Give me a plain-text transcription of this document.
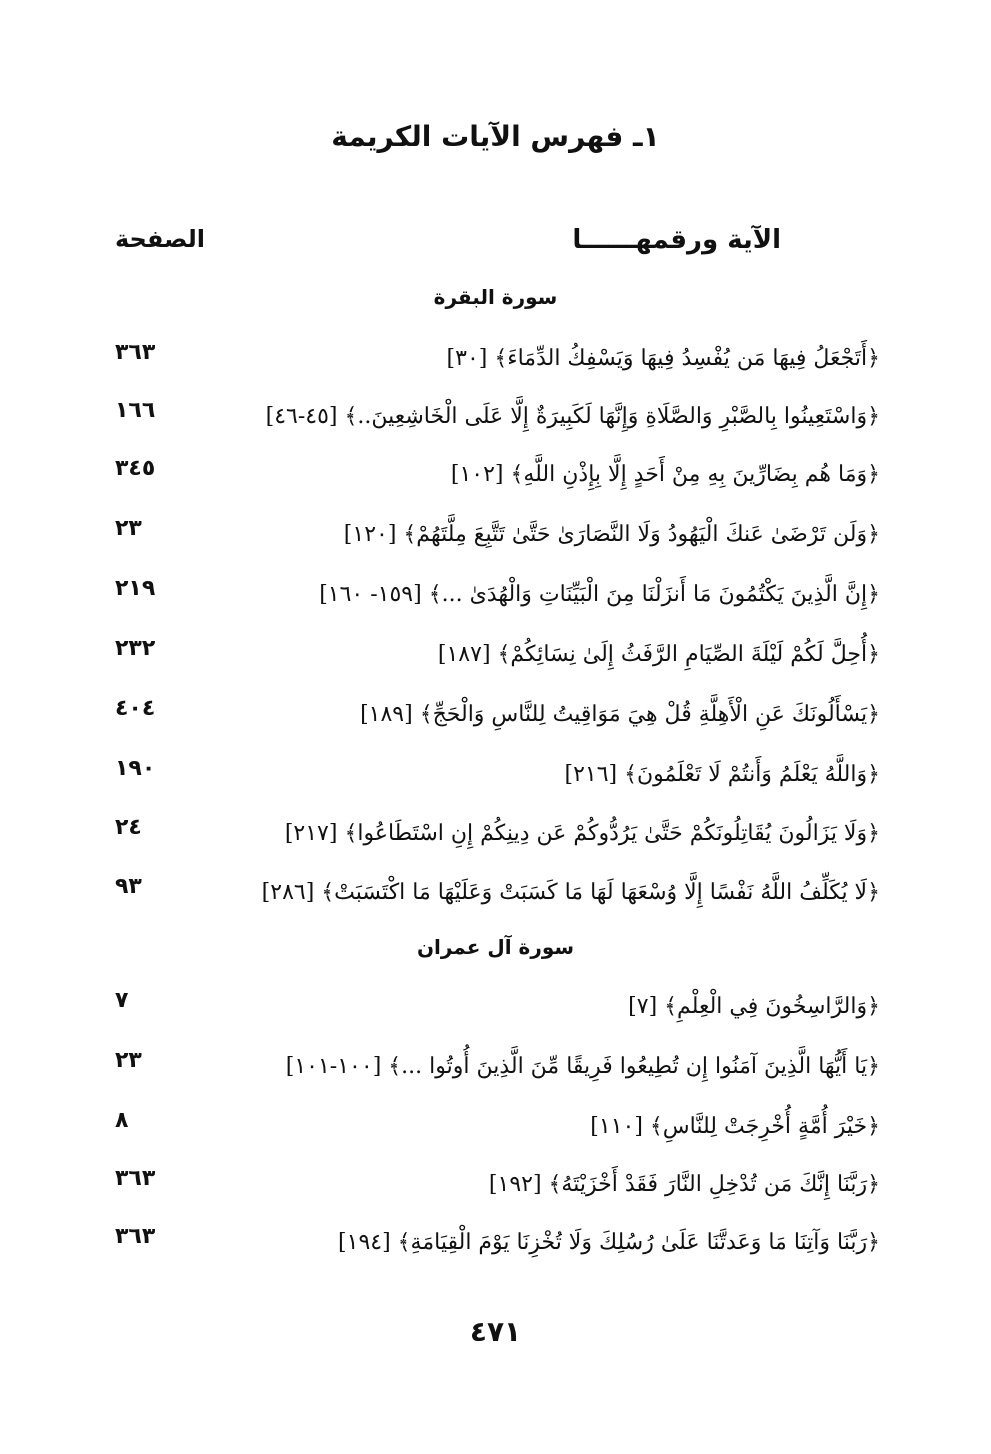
١ـ فهرس الآيات الكريمة
الآية ورقمهــــــا
الصفحة
سورة البقرة
﴿أَتَجْعَلُ فِيهَا مَن يُفْسِدُ فِيهَا وَيَسْفِكُ الدِّمَاءَ﴾ [٣٠]
٣٦٣
﴿وَاسْتَعِينُوا بِالصَّبْرِ وَالصَّلَاةِ وَإِنَّهَا لَكَبِيرَةٌ إِلَّا عَلَى الْخَاشِعِينَ..﴾ [٤٥-٤٦]
١٦٦
﴿وَمَا هُم بِضَارِّينَ بِهِ مِنْ أَحَدٍ إِلَّا بِإِذْنِ اللَّهِ﴾ [١٠٢]
٣٤٥
﴿وَلَن تَرْضَىٰ عَنكَ الْيَهُودُ وَلَا النَّصَارَىٰ حَتَّىٰ تَتَّبِعَ مِلَّتَهُمْ﴾ [١٢٠]
٢٣
﴿إِنَّ الَّذِينَ يَكْتُمُونَ مَا أَنزَلْنَا مِنَ الْبَيِّنَاتِ وَالْهُدَىٰ ...﴾ [١٥٩- ١٦٠]
٢١٩
﴿أُحِلَّ لَكُمْ لَيْلَةَ الصِّيَامِ الرَّفَثُ إِلَىٰ نِسَائِكُمْ﴾ [١٨٧]
٢٣٢
﴿يَسْأَلُونَكَ عَنِ الْأَهِلَّةِ قُلْ هِيَ مَوَاقِيتُ لِلنَّاسِ وَالْحَجِّ﴾ [١٨٩]
٤٠٤
﴿وَاللَّهُ يَعْلَمُ وَأَنتُمْ لَا تَعْلَمُونَ﴾ [٢١٦]
١٩٠
﴿وَلَا يَزَالُونَ يُقَاتِلُونَكُمْ حَتَّىٰ يَرُدُّوكُمْ عَن دِينِكُمْ إِنِ اسْتَطَاعُوا﴾ [٢١٧]
٢٤
﴿لَا يُكَلِّفُ اللَّهُ نَفْسًا إِلَّا وُسْعَهَا لَهَا مَا كَسَبَتْ وَعَلَيْهَا مَا اكْتَسَبَتْ﴾ [٢٨٦]
٩٣
سورة آل عمران
﴿وَالرَّاسِخُونَ فِي الْعِلْمِ﴾ [٧]
٧
﴿يَا أَيُّهَا الَّذِينَ آمَنُوا إِن تُطِيعُوا فَرِيقًا مِّنَ الَّذِينَ أُوتُوا ...﴾ [١٠٠-١٠١]
٢٣
﴿خَيْرَ أُمَّةٍ أُخْرِجَتْ لِلنَّاسِ﴾ [١١٠]
٨
﴿رَبَّنَا إِنَّكَ مَن تُدْخِلِ النَّارَ فَقَدْ أَخْزَيْتَهُ﴾ [١٩٢]
٣٦٣
﴿رَبَّنَا وَآتِنَا مَا وَعَدتَّنَا عَلَىٰ رُسُلِكَ وَلَا تُخْزِنَا يَوْمَ الْقِيَامَةِ﴾ [١٩٤]
٣٦٣
٤٧١
